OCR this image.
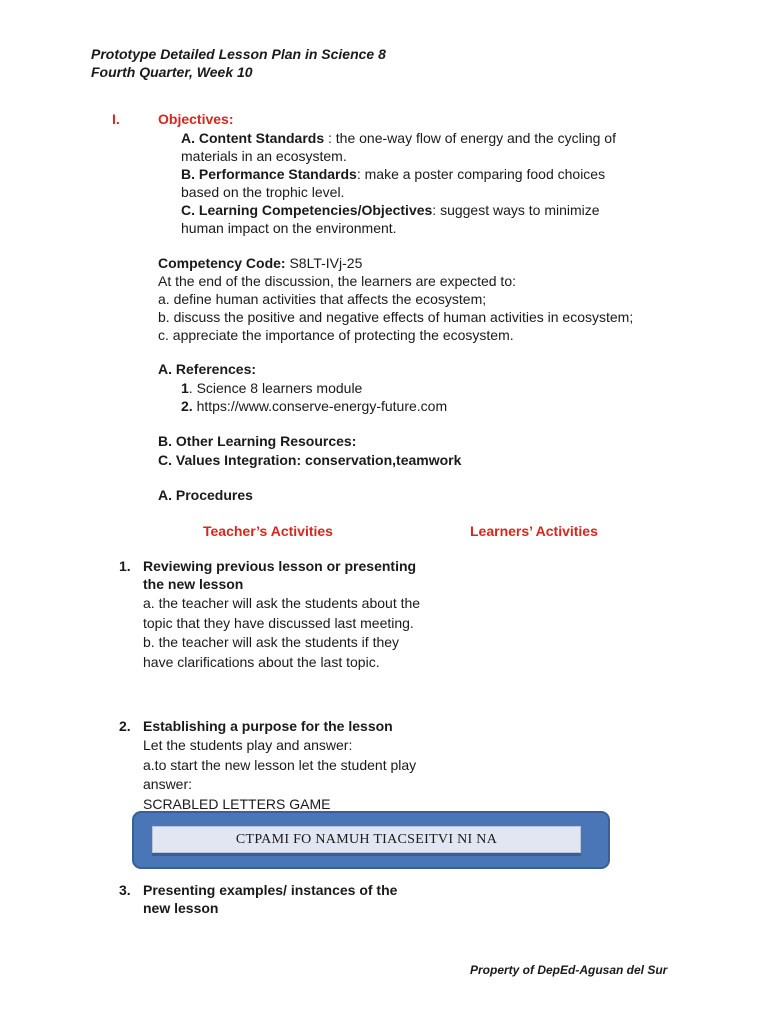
Prototype Detailed Lesson Plan in Science 8
Fourth Quarter, Week 10
I.	Objectives:
A. Content Standards : the one-way flow of energy and the cycling of
materials in an ecosystem.
B. Performance Standards: make a poster comparing food choices
based on the trophic level.
C. Learning Competencies/Objectives: suggest ways to minimize
human impact on the environment.
Competency Code: S8LT-IVj-25
At the end of the discussion, the learners are expected to:
a. define human activities that affects the ecosystem;
b. discuss the positive and negative effects of human activities in ecosystem;
c. appreciate the importance of protecting the ecosystem.
A. References:
1. Science 8 learners module
2. https://www.conserve-energy-future.com
B. Other Learning Resources:
C. Values Integration: conservation,teamwork
A. Procedures
Teacher’s Activities	Learners’ Activities
1. Reviewing previous lesson or presenting
the new lesson
a. the teacher will ask the students about the
topic that they have discussed last meeting.
b. the teacher will ask the students if they
have clarifications about the last topic.
2. Establishing a purpose for the lesson
Let the students play and answer:
a.to start the new lesson let the student play
answer:
SCRABLED LETTERS GAME
CTPAMI FO NAMUH TIACSEITVI NI NA
3. Presenting examples/ instances of the
new lesson
Property of DepEd-Agusan del Sur
